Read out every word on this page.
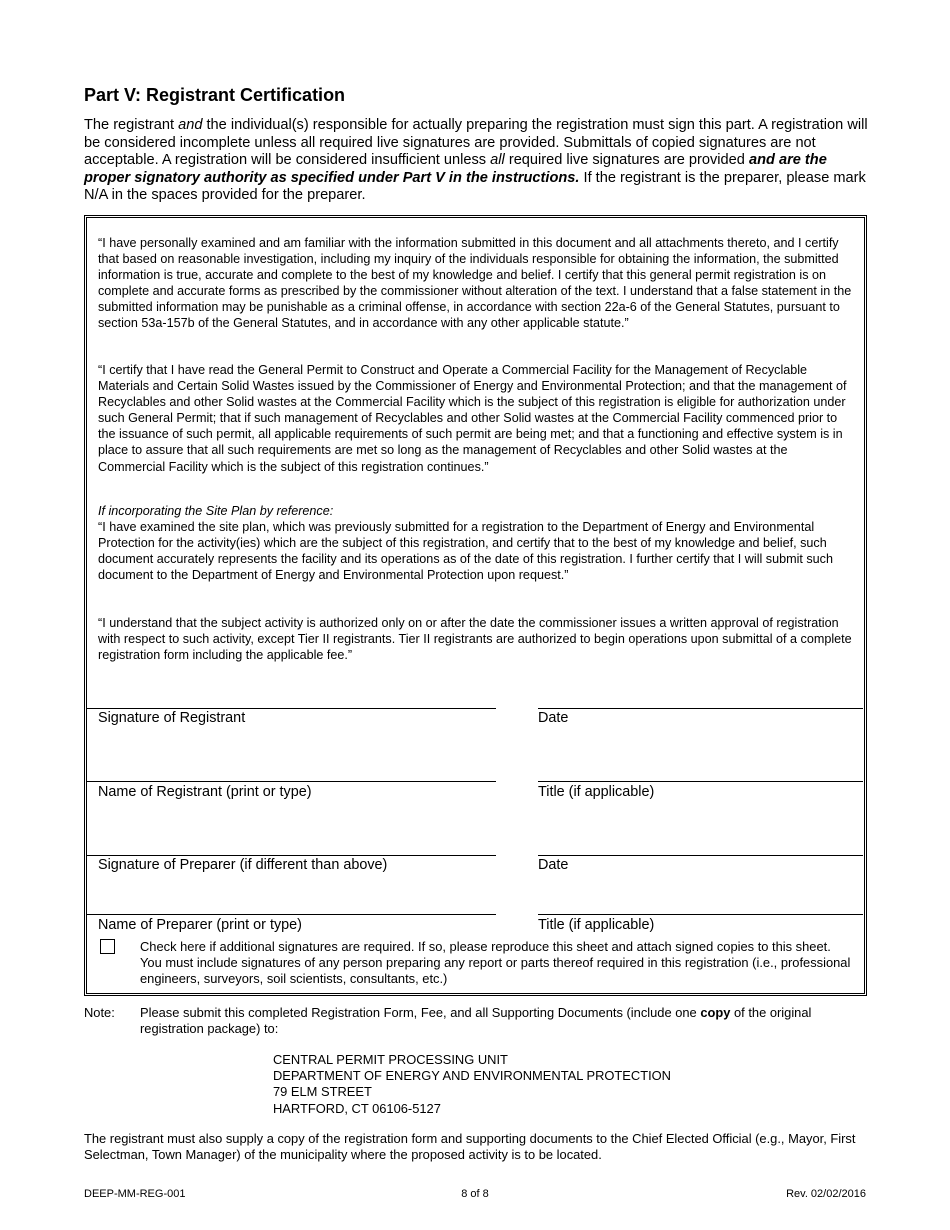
Part V: Registrant Certification
The registrant and the individual(s) responsible for actually preparing the registration must sign this part. A registration will be considered incomplete unless all required live signatures are provided. Submittals of copied signatures are not acceptable. A registration will be considered insufficient unless all required live signatures are provided and are the proper signatory authority as specified under Part V in the instructions. If the registrant is the preparer, please mark N/A in the spaces provided for the preparer.

“I have personally examined and am familiar with the information submitted in this document and all attachments thereto, and I certify that based on reasonable investigation, including my inquiry of the individuals responsible for obtaining the information, the submitted information is true, accurate and complete to the best of my knowledge and belief. I certify that this general permit registration is on complete and accurate forms as prescribed by the commissioner without alteration of the text. I understand that a false statement in the submitted information may be punishable as a criminal offense, in accordance with section 22a-6 of the General Statutes, pursuant to section 53a-157b of the General Statutes, and in accordance with any other applicable statute.”

“I certify that I have read the General Permit to Construct and Operate a Commercial Facility for the Management of Recyclable Materials and Certain Solid Wastes issued by the Commissioner of Energy and Environmental Protection; and that the management of Recyclables and other Solid wastes at the Commercial Facility which is the subject of this registration is eligible for authorization under such General Permit; that if such management of Recyclables and other Solid wastes at the Commercial Facility commenced prior to the issuance of such permit, all applicable requirements of such permit are being met; and that a functioning and effective system is in place to assure that all such requirements are met so long as the management of Recyclables and other Solid wastes at the Commercial Facility which is the subject of this registration continues.”

If incorporating the Site Plan by reference:

“I have examined the site plan, which was previously submitted for a registration to the Department of Energy and Environmental Protection for the activity(ies) which are the subject of this registration, and certify that to the best of my knowledge and belief, such document accurately represents the facility and its operations as of the date of this registration. I further certify that I will submit such document to the Department of Energy and Environmental Protection upon request.”

“I understand that the subject activity is authorized only on or after the date the commissioner issues a written approval of registration with respect to such activity, except Tier II registrants. Tier II registrants are authorized to begin operations upon submittal of a complete registration form including the applicable fee.”

Signature of Registrant	Date
Name of Registrant (print or type)	Title (if applicable)
Signature of Preparer (if different than above)	Date
Name of Preparer (print or type)	Title (if applicable)
Check here if additional signatures are required. If so, please reproduce this sheet and attach signed copies to this sheet. You must include signatures of any person preparing any report or parts thereof required in this registration (i.e., professional engineers, surveyors, soil scientists, consultants, etc.)
Note: Please submit this completed Registration Form, Fee, and all Supporting Documents (include one copy of the original registration package) to:
CENTRAL PERMIT PROCESSING UNIT
DEPARTMENT OF ENERGY AND ENVIRONMENTAL PROTECTION
79 ELM STREET
HARTFORD, CT 06106-5127
The registrant must also supply a copy of the registration form and supporting documents to the Chief Elected Official (e.g., Mayor, First Selectman, Town Manager) of the municipality where the proposed activity is to be located.
DEEP-MM-REG-001	8 of 8	Rev. 02/02/2016
